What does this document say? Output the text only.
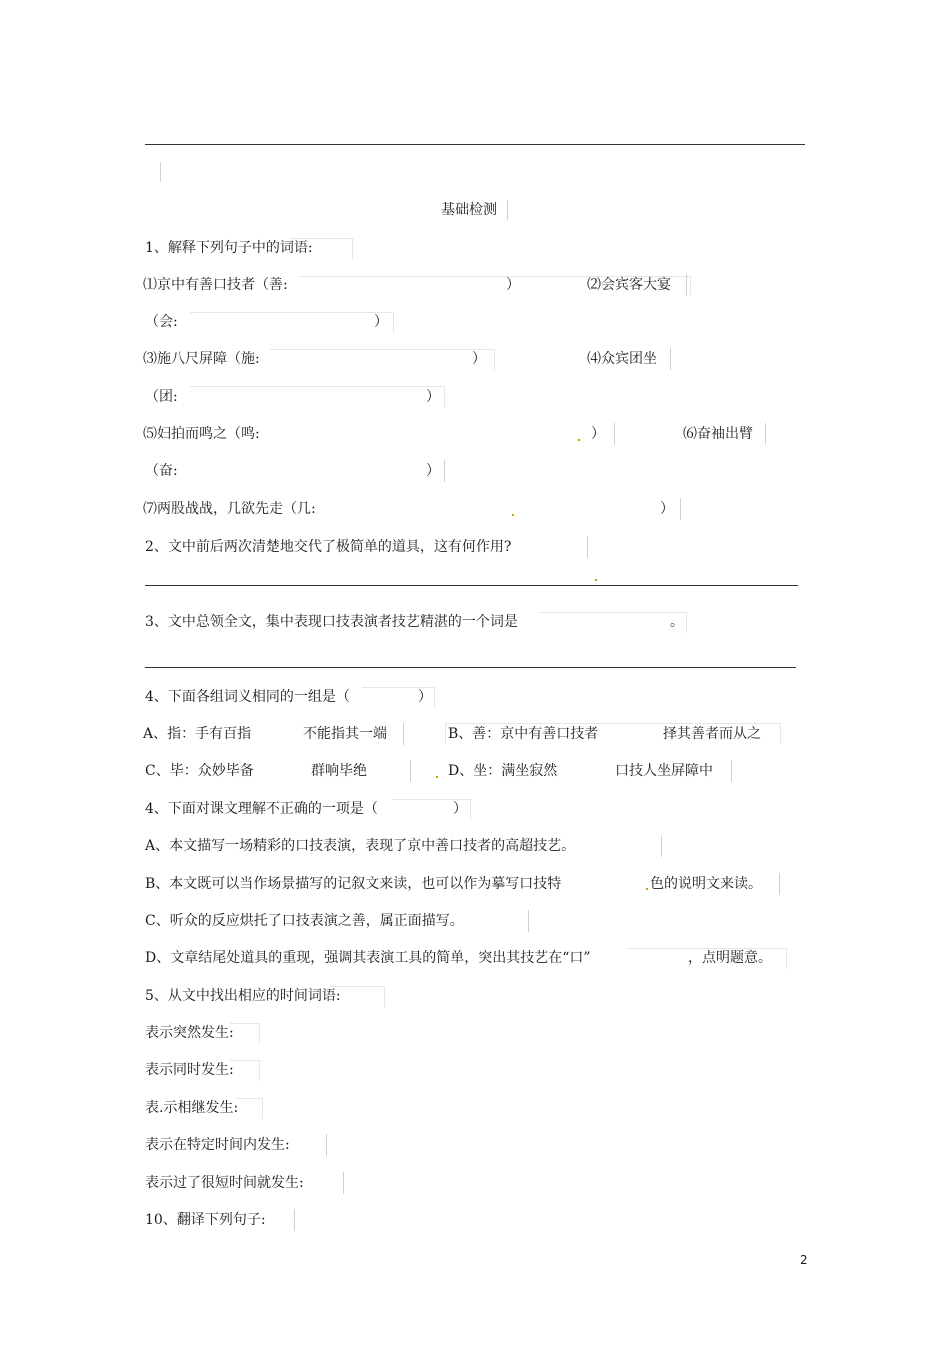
基础检测
1、解释下列句子中的词语:
⑴京中有善口技者（善:	）	⑵会宾客大宴
（会:	）
⑶施八尺屏障（施:	）	⑷众宾团坐
（团:	）
⑸妇拍而鸣之（鸣:	）	⑹奋袖出臂
（奋:	）
⑺两股战战，几欲先走（几:	）
2、文中前后两次清楚地交代了极简单的道具，这有何作用?
3、文中总领全文，集中表现口技表演者技艺精湛的一个词是	。
4、下面各组词义相同的一组是（	）
A、指：手有百指	不能指其一端	B、善：京中有善口技者	择其善者而从之
C、毕：众妙毕备	群响毕绝	D、坐：满坐寂然	口技人坐屏障中
4、下面对课文理解不正确的一项是（	）
A、本文描写一场精彩的口技表演，表现了京中善口技者的高超技艺。
B、本文既可以当作场景描写的记叙文来读，也可以作为摹写口技特	色的说明文来读。
C、听众的反应烘托了口技表演之善，属正面描写。
D、文章结尾处道具的重现，强调其表演工具的简单，突出其技艺在“口”	，点明题意。
5、从文中找出相应的时间词语:
表示突然发生:
表示同时发生:
表.示相继发生:
表示在特定时间内发生:
表示过了很短时间就发生:
10、翻译下列句子:
2
